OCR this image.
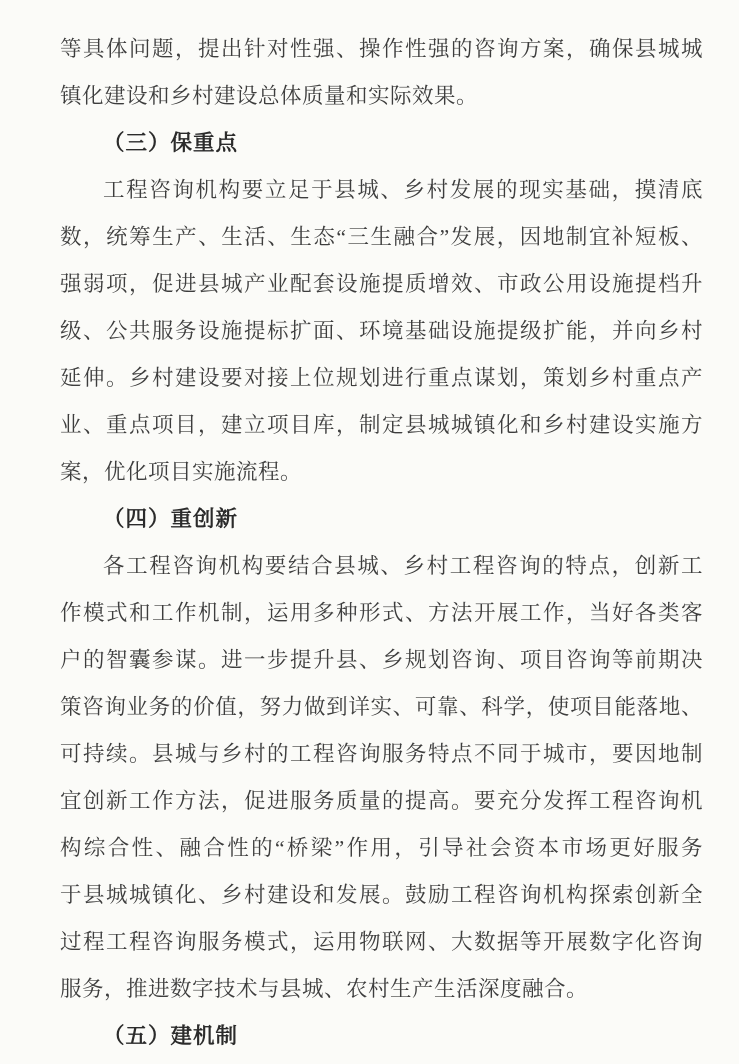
等具体问题，提出针对性强、操作性强的咨询方案，确保县城城
镇化建设和乡村建设总体质量和实际效果。
（三）保重点
工程咨询机构要立足于县城、乡村发展的现实基础，摸清底
数，统筹生产、生活、生态“三生融合”发展，因地制宜补短板、
强弱项，促进县城产业配套设施提质增效、市政公用设施提档升
级、公共服务设施提标扩面、环境基础设施提级扩能，并向乡村
延伸。乡村建设要对接上位规划进行重点谋划，策划乡村重点产
业、重点项目，建立项目库，制定县城城镇化和乡村建设实施方
案，优化项目实施流程。
（四）重创新
各工程咨询机构要结合县城、乡村工程咨询的特点，创新工
作模式和工作机制，运用多种形式、方法开展工作，当好各类客
户的智囊参谋。进一步提升县、乡规划咨询、项目咨询等前期决
策咨询业务的价值，努力做到详实、可靠、科学，使项目能落地、
可持续。县城与乡村的工程咨询服务特点不同于城市，要因地制
宜创新工作方法，促进服务质量的提高。要充分发挥工程咨询机
构综合性、融合性的“桥梁”作用，引导社会资本市场更好服务
于县城城镇化、乡村建设和发展。鼓励工程咨询机构探索创新全
过程工程咨询服务模式，运用物联网、大数据等开展数字化咨询
服务，推进数字技术与县城、农村生产生活深度融合。
（五）建机制
